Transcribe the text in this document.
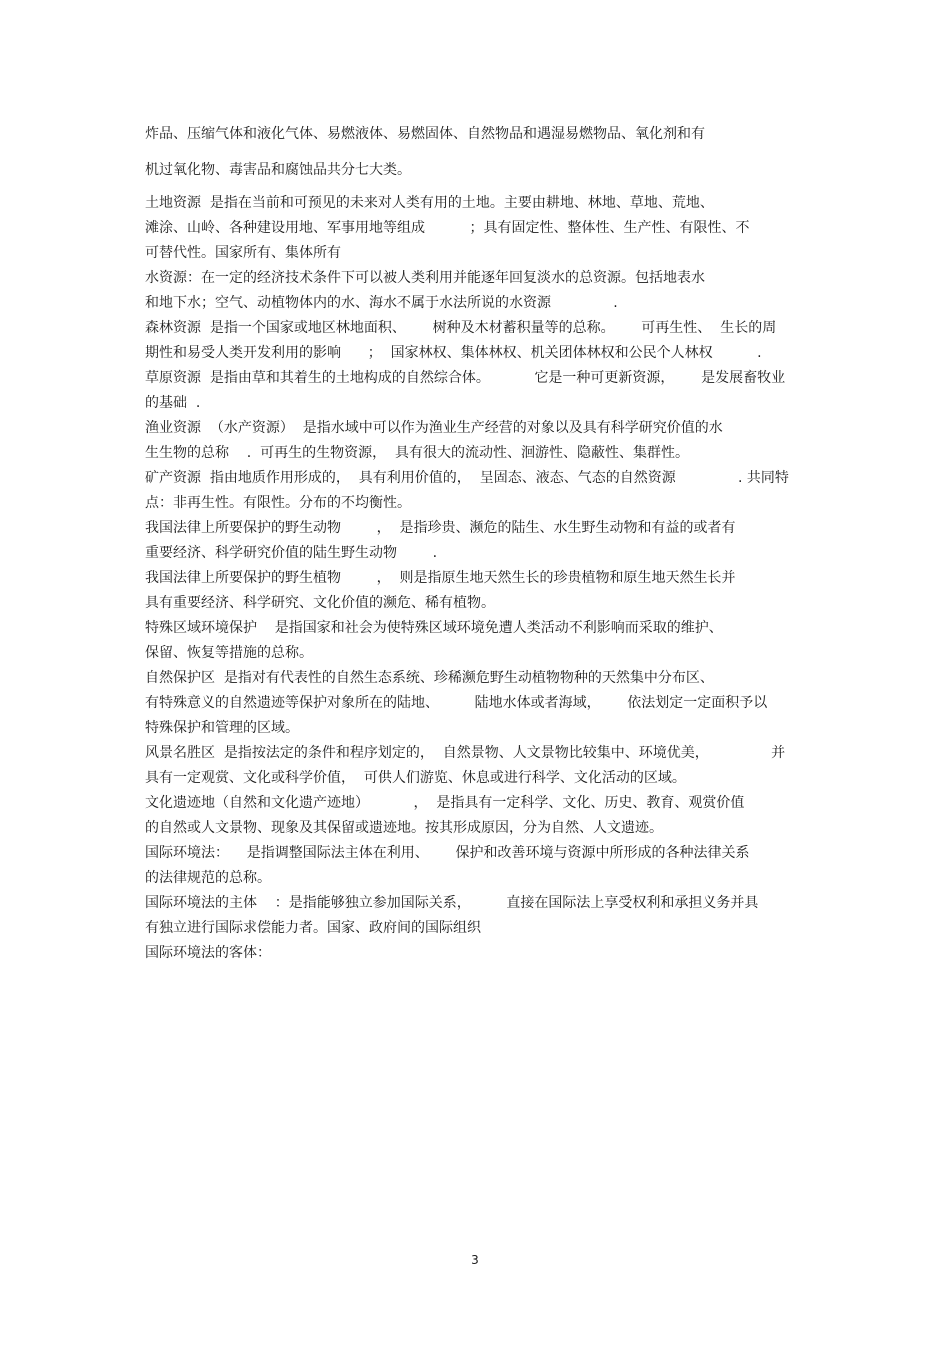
炸品、压缩气体和液化气体、易燃液体、易燃固体、自然物品和遇湿易燃物品、氧化剂和有
机过氧化物、毒害品和腐蚀品共分七大类。
土地资源  是指在当前和可预见的未来对人类有用的土地。主要由耕地、林地、草地、荒地、
滩涂、山岭、各种建设用地、军事用地等组成          ；具有固定性、整体性、生产性、有限性、不
可替代性。国家所有、集体所有
水资源：在一定的经济技术条件下可以被人类利用并能逐年回复淡水的总资源。包括地表水
和地下水；空气、动植物体内的水、海水不属于水法所说的水资源              .
森林资源  是指一个国家或地区林地面积、      树种及木材蓄积量等的总称。      可再生性、  生长的周
期性和易受人类开发利用的影响      ；  国家林权、集体林权、机关团体林权和公民个人林权          .
草原资源  是指由草和其着生的土地构成的自然综合体。          它是一种可更新资源，      是发展畜牧业
的基础  .
渔业资源  （水产资源）  是指水域中可以作为渔业生产经营的对象以及具有科学研究价值的水
生生物的总称    .  可再生的生物资源，  具有很大的流动性、洄游性、隐蔽性、集群性。
矿产资源  指由地质作用形成的，  具有利用价值的，  呈固态、液态、气态的自然资源              . 共同特
点：非再生性。有限性。分布的不均衡性。
我国法律上所要保护的野生动物        ，  是指珍贵、濒危的陆生、水生野生动物和有益的或者有
重要经济、科学研究价值的陆生野生动物        .
我国法律上所要保护的野生植物        ，  则是指原生地天然生长的珍贵植物和原生地天然生长并
具有重要经济、科学研究、文化价值的濒危、稀有植物。
特殊区域环境保护    是指国家和社会为使特殊区域环境免遭人类活动不利影响而采取的维护、
保留、恢复等措施的总称。
自然保护区  是指对有代表性的自然生态系统、珍稀濒危野生动植物物种的天然集中分布区、
有特殊意义的自然遗迹等保护对象所在的陆地、        陆地水体或者海域，      依法划定一定面积予以
特殊保护和管理的区域。
风景名胜区  是指按法定的条件和程序划定的，  自然景物、人文景物比较集中、环境优美，              并
具有一定观赏、文化或科学价值，  可供人们游览、休息或进行科学、文化活动的区域。
文化遗迹地（自然和文化遗产迹地）          ，  是指具有一定科学、文化、历史、教育、观赏价值
的自然或人文景物、现象及其保留或遗迹地。按其形成原因，分为自然、人文遗迹。
国际环境法：    是指调整国际法主体在利用、      保护和改善环境与资源中所形成的各种法律关系
的法律规范的总称。
国际环境法的主体    ：是指能够独立参加国际关系，        直接在国际法上享受权利和承担义务并具
有独立进行国际求偿能力者。国家、政府间的国际组织
国际环境法的客体：
3
